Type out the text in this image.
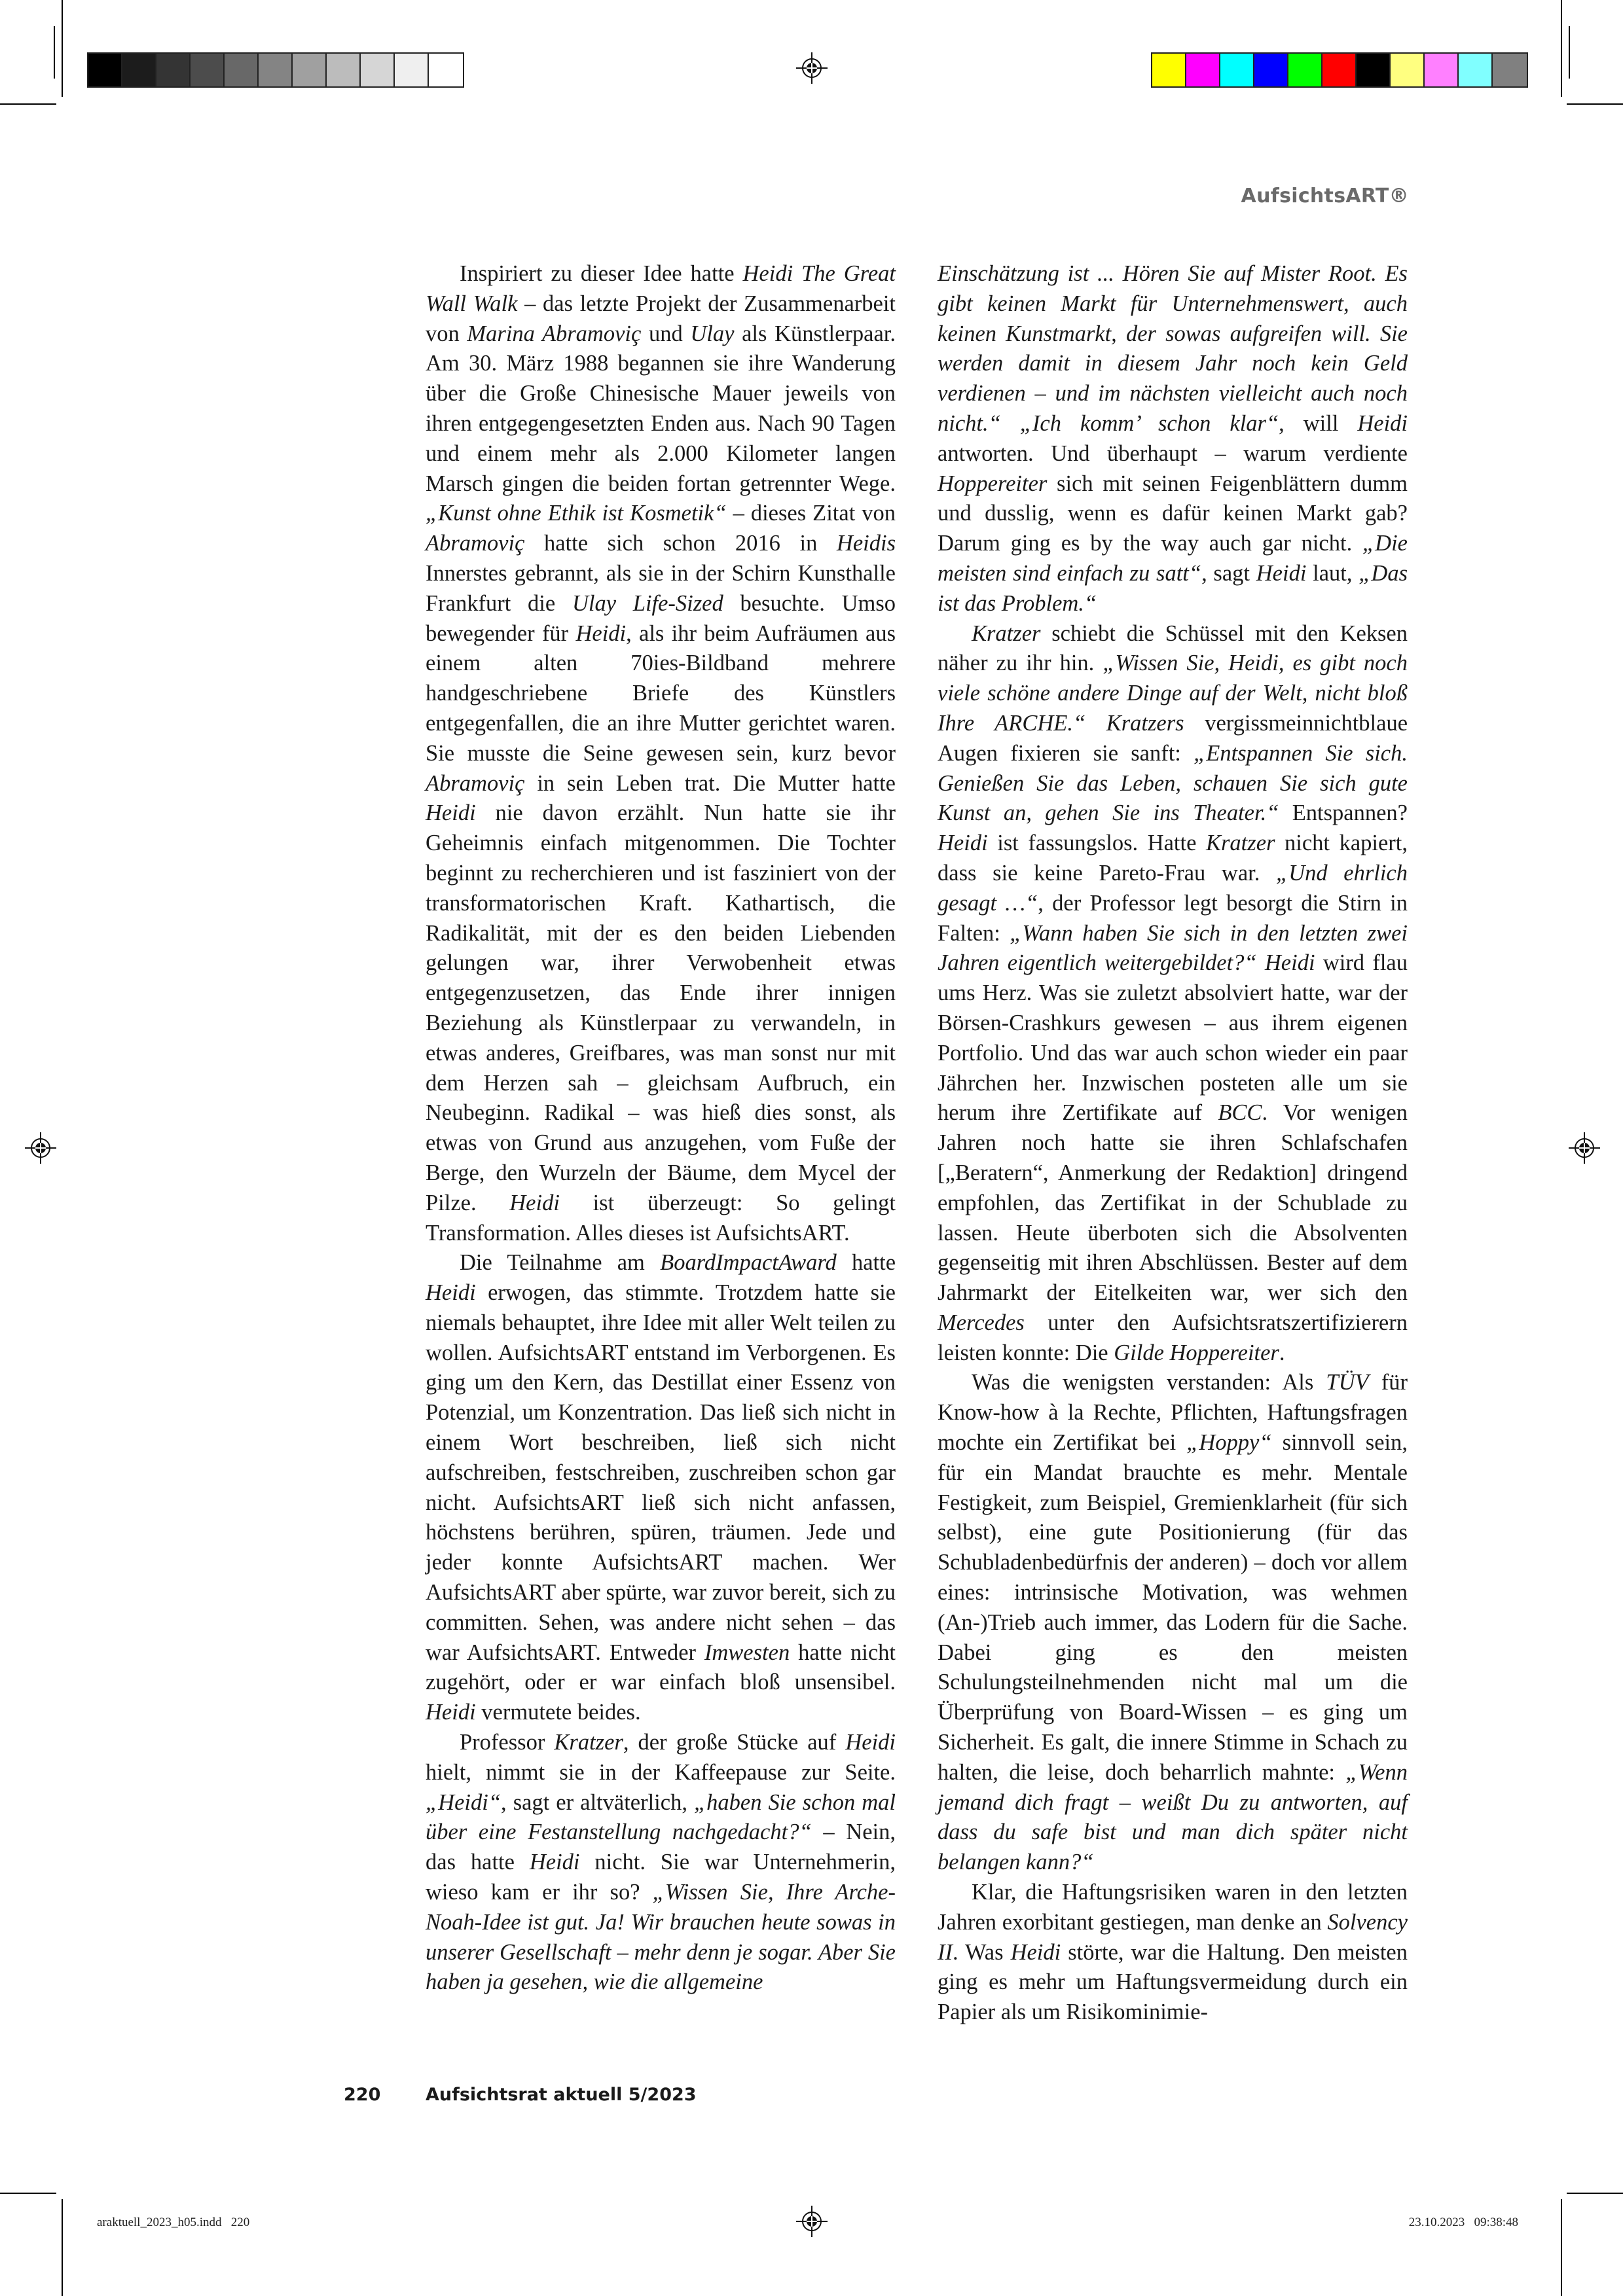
AufsichtsART®

Inspiriert zu dieser Idee hatte Heidi The Great Wall Walk – das letzte Projekt der Zusammenarbeit von Marina Abramoviç und Ulay als Künstlerpaar. Am 30. März 1988 begannen sie ihre Wanderung über die Große Chinesische Mauer jeweils von ihren entgegengesetzten Enden aus. Nach 90 Tagen und einem mehr als 2.000 Kilometer langen Marsch gingen die beiden fortan getrennter Wege. „Kunst ohne Ethik ist Kosmetik“ – dieses Zitat von Abramoviç hatte sich schon 2016 in Heidis Innerstes gebrannt, als sie in der Schirn Kunsthalle Frankfurt die Ulay Life-Sized besuchte. Umso bewegender für Heidi, als ihr beim Aufräumen aus einem alten 70ies-Bildband mehrere handgeschriebene Briefe des Künstlers entgegenfallen, die an ihre Mutter gerichtet waren. Sie musste die Seine gewesen sein, kurz bevor Abramoviç in sein Leben trat. Die Mutter hatte Heidi nie davon erzählt. Nun hatte sie ihr Geheimnis einfach mitgenommen. Die Tochter beginnt zu recherchieren und ist fasziniert von der transformatorischen Kraft. Kathartisch, die Radikalität, mit der es den beiden Liebenden gelungen war, ihrer Verwobenheit etwas entgegenzusetzen, das Ende ihrer innigen Beziehung als Künstlerpaar zu verwandeln, in etwas anderes, Greifbares, was man sonst nur mit dem Herzen sah – gleichsam Aufbruch, ein Neubeginn. Radikal – was hieß dies sonst, als etwas von Grund aus anzugehen, vom Fuße der Berge, den Wurzeln der Bäume, dem Mycel der Pilze. Heidi ist überzeugt: So gelingt Transformation. Alles dieses ist AufsichtsART.

Die Teilnahme am BoardImpactAward hatte Heidi erwogen, das stimmte. Trotzdem hatte sie niemals behauptet, ihre Idee mit aller Welt teilen zu wollen. AufsichtsART entstand im Verborgenen. Es ging um den Kern, das Destillat einer Essenz von Potenzial, um Konzentration. Das ließ sich nicht in einem Wort beschreiben, ließ sich nicht aufschreiben, festschreiben, zuschreiben schon gar nicht. AufsichtsART ließ sich nicht anfassen, höchstens berühren, spüren, träumen. Jede und jeder konnte AufsichtsART machen. Wer AufsichtsART aber spürte, war zuvor bereit, sich zu committen. Sehen, was andere nicht sehen – das war AufsichtsART. Entweder Imwesten hatte nicht zugehört, oder er war einfach bloß unsensibel. Heidi vermutete beides.

Professor Kratzer, der große Stücke auf Heidi hielt, nimmt sie in der Kaffeepause zur Seite. „Heidi“, sagt er altväterlich, „haben Sie schon mal über eine Festanstellung nachgedacht?“ – Nein, das hatte Heidi nicht. Sie war Unternehmerin, wieso kam er ihr so? „Wissen Sie, Ihre Arche-Noah-Idee ist gut. Ja! Wir brauchen heute sowas in unserer Gesellschaft – mehr denn je sogar. Aber Sie haben ja gesehen, wie die allgemeine

Einschätzung ist ... Hören Sie auf Mister Root. Es gibt keinen Markt für Unternehmenswert, auch keinen Kunstmarkt, der sowas aufgreifen will. Sie werden damit in diesem Jahr noch kein Geld verdienen – und im nächsten vielleicht auch noch nicht.“ „Ich komm’ schon klar“, will Heidi antworten. Und überhaupt – warum verdiente Hoppereiter sich mit seinen Feigenblättern dumm und dusslig, wenn es dafür keinen Markt gab? Darum ging es by the way auch gar nicht. „Die meisten sind einfach zu satt“, sagt Heidi laut, „Das ist das Problem.“

Kratzer schiebt die Schüssel mit den Keksen näher zu ihr hin. „Wissen Sie, Heidi, es gibt noch viele schöne andere Dinge auf der Welt, nicht bloß Ihre ARCHE.“ Kratzers vergissmeinnichtblaue Augen fixieren sie sanft: „Entspannen Sie sich. Genießen Sie das Leben, schauen Sie sich gute Kunst an, gehen Sie ins Theater.“ Entspannen? Heidi ist fassungslos. Hatte Kratzer nicht kapiert, dass sie keine Pareto-Frau war. „Und ehrlich gesagt …“, der Professor legt besorgt die Stirn in Falten: „Wann haben Sie sich in den letzten zwei Jahren eigentlich weitergebildet?“ Heidi wird flau ums Herz. Was sie zuletzt absolviert hatte, war der Börsen-Crashkurs gewesen – aus ihrem eigenen Portfolio. Und das war auch schon wieder ein paar Jährchen her. Inzwischen posteten alle um sie herum ihre Zertifikate auf BCC. Vor wenigen Jahren noch hatte sie ihren Schlafschafen [„Beratern“, Anmerkung der Redaktion] dringend empfohlen, das Zertifikat in der Schublade zu lassen. Heute überboten sich die Absolventen gegenseitig mit ihren Abschlüssen. Bester auf dem Jahrmarkt der Eitelkeiten war, wer sich den Mercedes unter den Aufsichtsratszertifizierern leisten konnte: Die Gilde Hoppereiter.

Was die wenigsten verstanden: Als TÜV für Know-how à la Rechte, Pflichten, Haftungsfragen mochte ein Zertifikat bei „Hoppy“ sinnvoll sein, für ein Mandat brauchte es mehr. Mentale Festigkeit, zum Beispiel, Gremienklarheit (für sich selbst), eine gute Positionierung (für das Schubladenbedürfnis der anderen) – doch vor allem eines: intrinsische Motivation, was wehmen (An-)Trieb auch immer, das Lodern für die Sache. Dabei ging es den meisten Schulungsteilnehmenden nicht mal um die Überprüfung von Board-Wissen – es ging um Sicherheit. Es galt, die innere Stimme in Schach zu halten, die leise, doch beharrlich mahnte: „Wenn jemand dich fragt – weißt Du zu antworten, auf dass du safe bist und man dich später nicht belangen kann?“

Klar, die Haftungsrisiken waren in den letzten Jahren exorbitant gestiegen, man denke an Solvency II. Was Heidi störte, war die Haltung. Den meisten ging es mehr um Haftungsvermeidung durch ein Papier als um Risikominimie-

220	Aufsichtsrat aktuell 5/2023
araktuell_2023_h05.indd   220	23.10.2023   09:38:48
